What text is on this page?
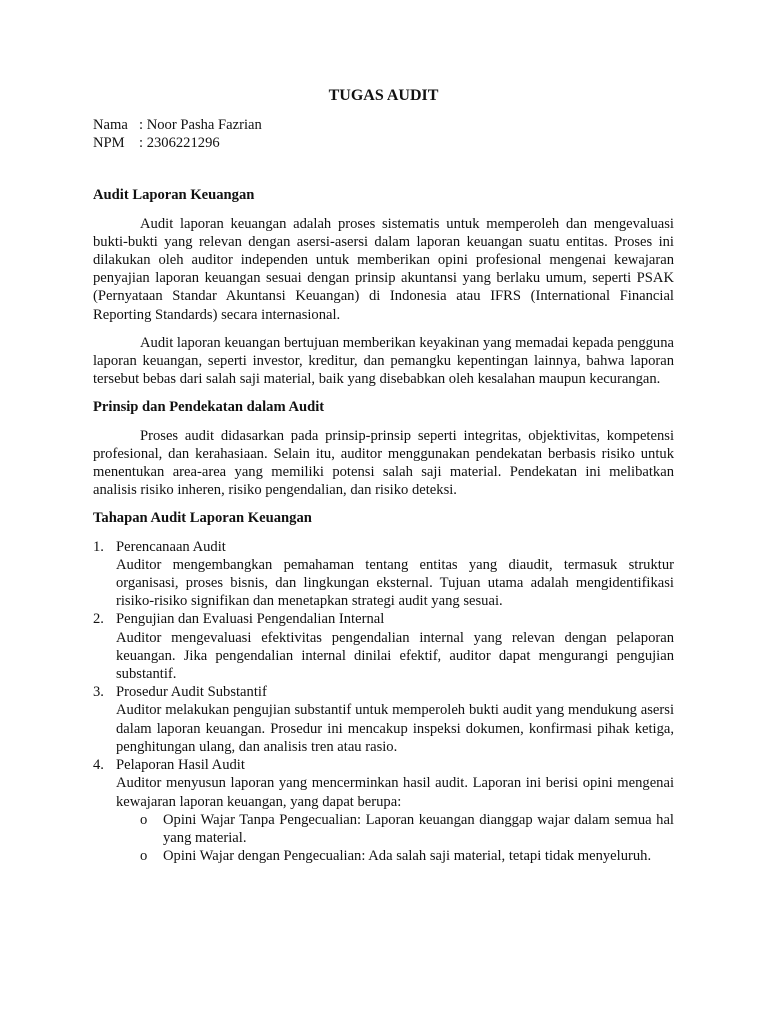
TUGAS AUDIT

Nama : Noor Pasha Fazrian
NPM : 2306221296

Audit Laporan Keuangan

Audit laporan keuangan adalah proses sistematis untuk memperoleh dan mengevaluasi bukti-bukti yang relevan dengan asersi-asersi dalam laporan keuangan suatu entitas. Proses ini dilakukan oleh auditor independen untuk memberikan opini profesional mengenai kewajaran penyajian laporan keuangan sesuai dengan prinsip akuntansi yang berlaku umum, seperti PSAK (Pernyataan Standar Akuntansi Keuangan) di Indonesia atau IFRS (International Financial Reporting Standards) secara internasional.

Audit laporan keuangan bertujuan memberikan keyakinan yang memadai kepada pengguna laporan keuangan, seperti investor, kreditur, dan pemangku kepentingan lainnya, bahwa laporan tersebut bebas dari salah saji material, baik yang disebabkan oleh kesalahan maupun kecurangan.

Prinsip dan Pendekatan dalam Audit

Proses audit didasarkan pada prinsip-prinsip seperti integritas, objektivitas, kompetensi profesional, dan kerahasiaan. Selain itu, auditor menggunakan pendekatan berbasis risiko untuk menentukan area-area yang memiliki potensi salah saji material. Pendekatan ini melibatkan analisis risiko inheren, risiko pengendalian, dan risiko deteksi.

Tahapan Audit Laporan Keuangan

1. Perencanaan Audit

Auditor mengembangkan pemahaman tentang entitas yang diaudit, termasuk struktur organisasi, proses bisnis, dan lingkungan eksternal. Tujuan utama adalah mengidentifikasi risiko-risiko signifikan dan menetapkan strategi audit yang sesuai.

2. Pengujian dan Evaluasi Pengendalian Internal

Auditor mengevaluasi efektivitas pengendalian internal yang relevan dengan pelaporan keuangan. Jika pengendalian internal dinilai efektif, auditor dapat mengurangi pengujian substantif.

3. Prosedur Audit Substantif

Auditor melakukan pengujian substantif untuk memperoleh bukti audit yang mendukung asersi dalam laporan keuangan. Prosedur ini mencakup inspeksi dokumen, konfirmasi pihak ketiga, penghitungan ulang, dan analisis tren atau rasio.

4. Pelaporan Hasil Audit

Auditor menyusun laporan yang mencerminkan hasil audit. Laporan ini berisi opini mengenai kewajaran laporan keuangan, yang dapat berupa:

o	Opini Wajar Tanpa Pengecualian: Laporan keuangan dianggap wajar dalam semua hal yang material.
o	Opini Wajar dengan Pengecualian: Ada salah saji material, tetapi tidak menyeluruh.
